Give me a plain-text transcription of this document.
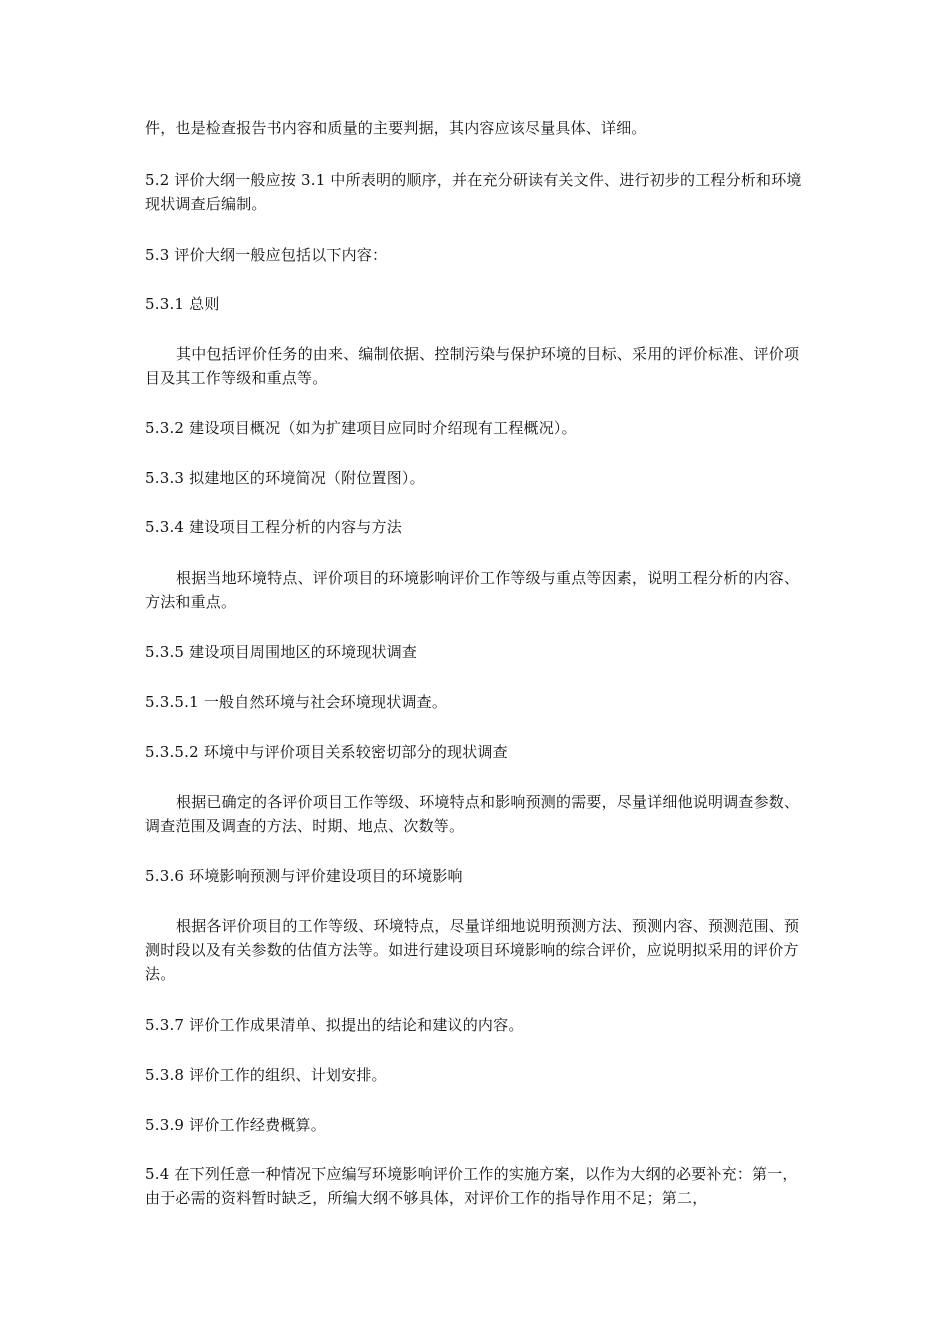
件，也是检查报告书内容和质量的主要判据，其内容应该尽量具体、详细。

5.2 评价大纲一般应按 3.1 中所表明的顺序，并在充分研读有关文件、进行初步的工程分析和环境现状调查后编制。

5.3 评价大纲一般应包括以下内容：

5.3.1 总则

其中包括评价任务的由来、编制依据、控制污染与保护环境的目标、采用的评价标准、评价项目及其工作等级和重点等。

5.3.2 建设项目概况（如为扩建项目应同时介绍现有工程概况）。

5.3.3 拟建地区的环境简况（附位置图）。

5.3.4 建设项目工程分析的内容与方法

根据当地环境特点、评价项目的环境影响评价工作等级与重点等因素，说明工程分析的内容、方法和重点。

5.3.5 建设项目周围地区的环境现状调查

5.3.5.1 一般自然环境与社会环境现状调查。

5.3.5.2 环境中与评价项目关系较密切部分的现状调查

根据已确定的各评价项目工作等级、环境特点和影响预测的需要，尽量详细他说明调查参数、调查范围及调查的方法、时期、地点、次数等。

5.3.6 环境影响预测与评价建设项目的环境影响

根据各评价项目的工作等级、环境特点，尽量详细地说明预测方法、预测内容、预测范围、预测时段以及有关参数的估值方法等。如进行建设项目环境影响的综合评价，应说明拟采用的评价方法。

5.3.7 评价工作成果清单、拟提出的结论和建议的内容。

5.3.8 评价工作的组织、计划安排。

5.3.9 评价工作经费概算。

5.4 在下列任意一种情况下应编写环境影响评价工作的实施方案，以作为大纲的必要补充：第一，由于必需的资料暂时缺乏，所编大纲不够具体，对评价工作的指导作用不足；第二，
